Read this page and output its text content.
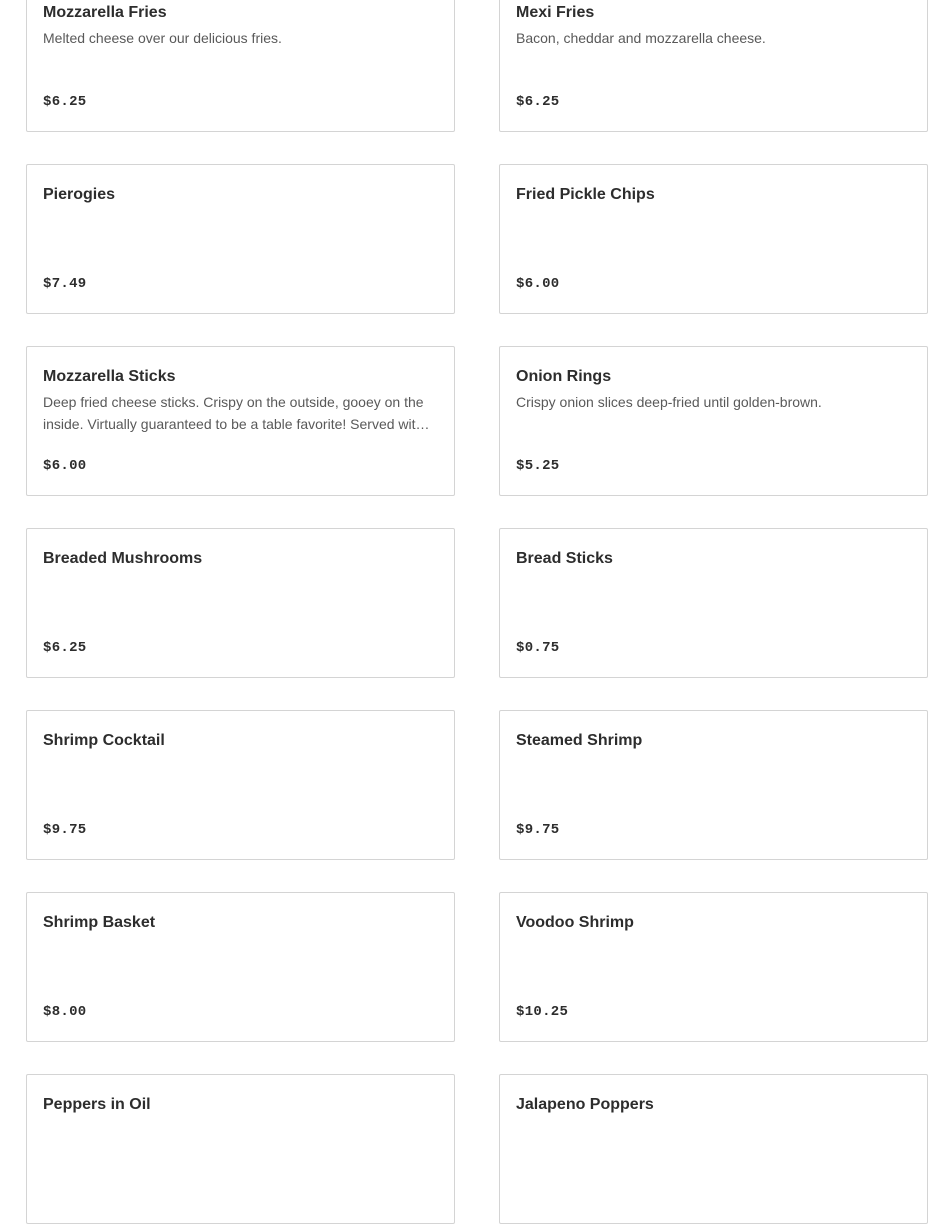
Mozzarella Fries
Melted cheese over our delicious fries.
$6.25
Mexi Fries
Bacon, cheddar and mozzarella cheese.
$6.25
Pierogies
$7.49
Fried Pickle Chips
$6.00
Mozzarella Sticks
Deep fried cheese sticks. Crispy on the outside, gooey on the inside. Virtually guaranteed to be a table favorite! Served wit…
$6.00
Onion Rings
Crispy onion slices deep-fried until golden-brown.
$5.25
Breaded Mushrooms
$6.25
Bread Sticks
$0.75
Shrimp Cocktail
$9.75
Steamed Shrimp
$9.75
Shrimp Basket
$8.00
Voodoo Shrimp
$10.25
Peppers in Oil	Jalapeno Poppers
